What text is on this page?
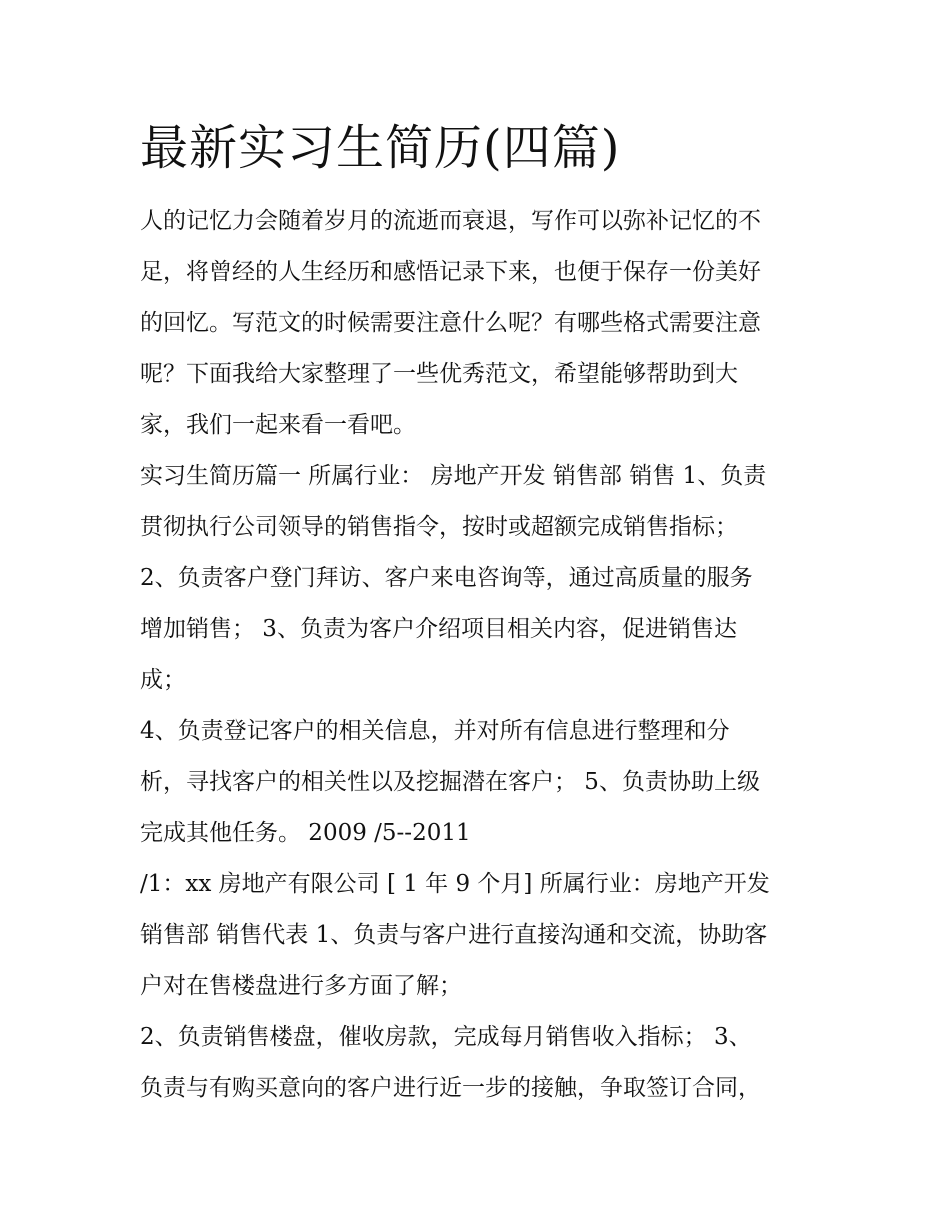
最新实习生简历(四篇)
人的记忆力会随着岁月的流逝而衰退，写作可以弥补记忆的不
足，将曾经的人生经历和感悟记录下来，也便于保存一份美好
的回忆。写范文的时候需要注意什么呢？有哪些格式需要注意
呢？下面我给大家整理了一些优秀范文，希望能够帮助到大
家，我们一起来看一看吧。
实习生简历篇一 所属行业： 房地产开发 销售部 销售 1、负责
贯彻执行公司领导的销售指令，按时或超额完成销售指标；
2、负责客户登门拜访、客户来电咨询等，通过高质量的服务
增加销售； 3、负责为客户介绍项目相关内容，促进销售达
成；
4、负责登记客户的相关信息，并对所有信息进行整理和分
析，寻找客户的相关性以及挖掘潜在客户； 5、负责协助上级
完成其他任务。 2009 /5--2011
/1：xx 房地产有限公司 [ 1 年 9 个月] 所属行业：房地产开发
销售部 销售代表 1、负责与客户进行直接沟通和交流，协助客
户对在售楼盘进行多方面了解；
2、负责销售楼盘，催收房款，完成每月销售收入指标； 3、
负责与有购买意向的客户进行近一步的接触，争取签订合同，
